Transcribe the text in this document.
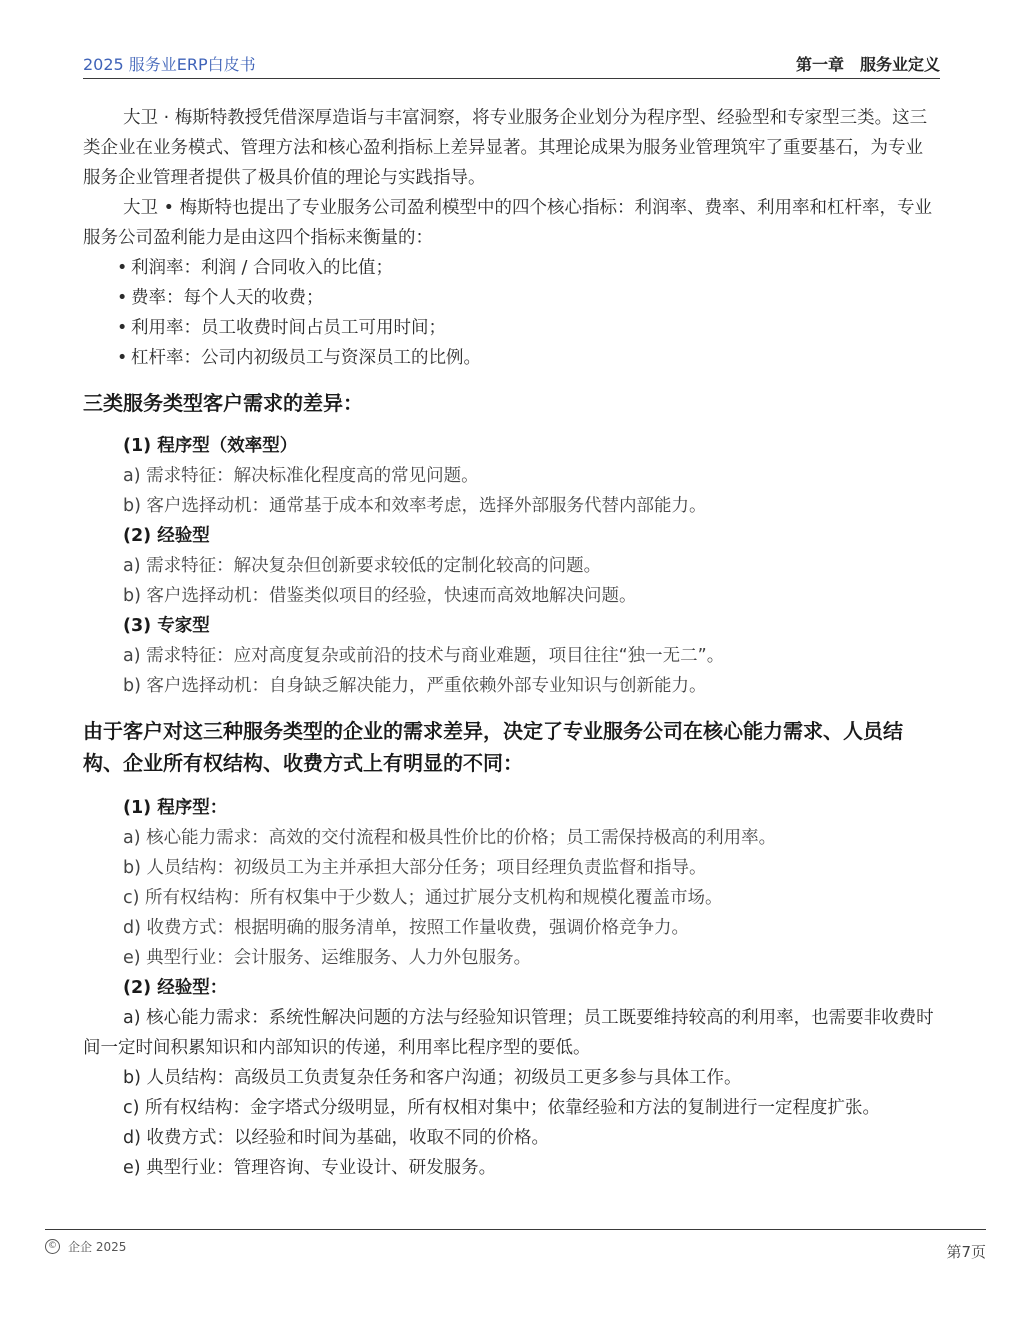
2025 服务业ERP白皮书	第一章 服务业定义

大卫 · 梅斯特教授凭借深厚造诣与丰富洞察，将专业服务企业划分为程序型、经验型和专家型三类。这三类企业在业务模式、管理方法和核心盈利指标上差异显著。其理论成果为服务业管理筑牢了重要基石，为专业服务企业管理者提供了极具价值的理论与实践指导。

大卫 • 梅斯特也提出了专业服务公司盈利模型中的四个核心指标：利润率、费率、利用率和杠杆率，专业服务公司盈利能力是由这四个指标来衡量的：

• 利润率：利润 / 合同收入的比值；
• 费率：每个人天的收费；
• 利用率：员工收费时间占员工可用时间；
• 杠杆率：公司内初级员工与资深员工的比例。
三类服务类型客户需求的差异：
(1) 程序型（效率型）
a) 需求特征：解决标准化程度高的常见问题。
b) 客户选择动机：通常基于成本和效率考虑，选择外部服务代替内部能力。
(2) 经验型
a) 需求特征：解决复杂但创新要求较低的定制化较高的问题。
b) 客户选择动机：借鉴类似项目的经验，快速而高效地解决问题。
(3) 专家型
a) 需求特征：应对高度复杂或前沿的技术与商业难题，项目往往“独一无二”。
b) 客户选择动机：自身缺乏解决能力，严重依赖外部专业知识与创新能力。
由于客户对这三种服务类型的企业的需求差异，决定了专业服务公司在核心能力需求、人员结构、企业所有权结构、收费方式上有明显的不同：
(1) 程序型：
a) 核心能力需求：高效的交付流程和极具性价比的价格；员工需保持极高的利用率。
b) 人员结构：初级员工为主并承担大部分任务；项目经理负责监督和指导。
c) 所有权结构：所有权集中于少数人；通过扩展分支机构和规模化覆盖市场。
d) 收费方式：根据明确的服务清单，按照工作量收费，强调价格竞争力。
e) 典型行业：会计服务、运维服务、人力外包服务。
(2) 经验型：

a) 核心能力需求：系统性解决问题的方法与经验知识管理；员工既要维持较高的利用率，也需要非收费时间一定时间积累知识和内部知识的传递，利用率比程序型的要低。

b) 人员结构：高级员工负责复杂任务和客户沟通；初级员工更多参与具体工作。

c) 所有权结构：金字塔式分级明显，所有权相对集中；依靠经验和方法的复制进行一定程度扩张。

d) 收费方式：以经验和时间为基础，收取不同的价格。

e) 典型行业：管理咨询、专业设计、研发服务。

© 企企 2025	第7页
